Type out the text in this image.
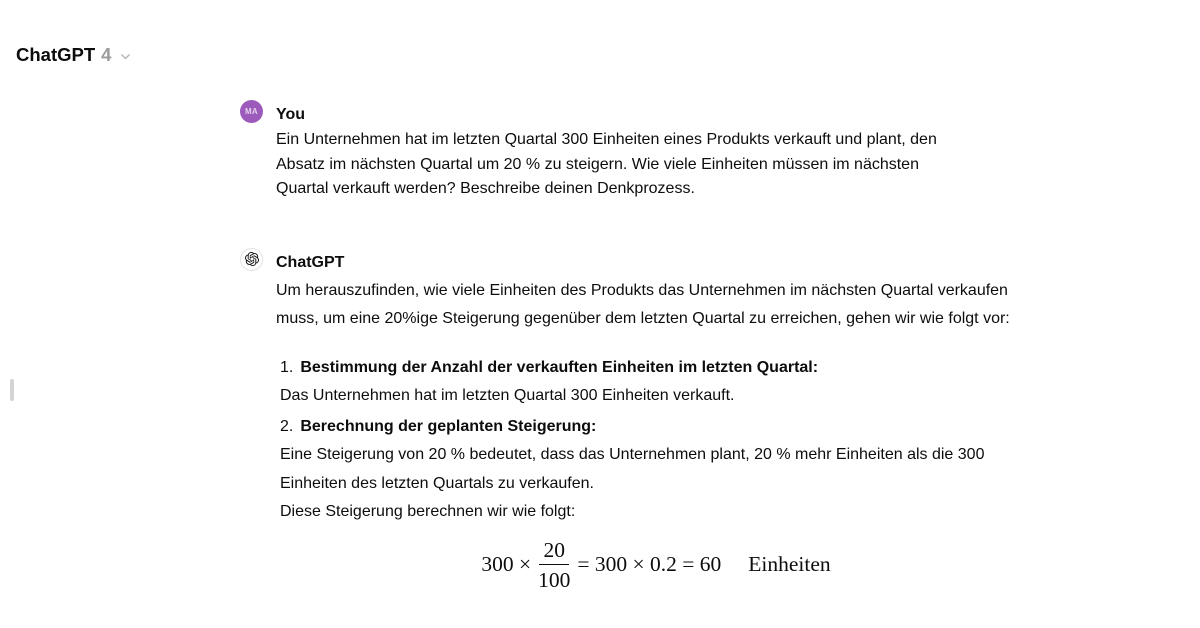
ChatGPT 4
MA You

Ein Unternehmen hat im letzten Quartal 300 Einheiten eines Produkts verkauft und plant, den Absatz im nächsten Quartal um 20 % zu steigern. Wie viele Einheiten müssen im nächsten Quartal verkauft werden? Beschreibe deinen Denkprozess.

ChatGPT

Um herauszufinden, wie viele Einheiten des Produkts das Unternehmen im nächsten Quartal verkaufen muss, um eine 20%ige Steigerung gegenüber dem letzten Quartal zu erreichen, gehen wir wie folgt vor:

1. Bestimmung der Anzahl der verkauften Einheiten im letzten Quartal:

Das Unternehmen hat im letzten Quartal 300 Einheiten verkauft.

2. Berechnung der geplanten Steigerung:

Eine Steigerung von 20 % bedeutet, dass das Unternehmen plant, 20 % mehr Einheiten als die 300 Einheiten des letzten Quartals zu verkaufen.

Diese Steigerung berechnen wir wie folgt:

$300 \times \frac{20}{100} = 300 \times 0.2 = 60$ Einheiten
